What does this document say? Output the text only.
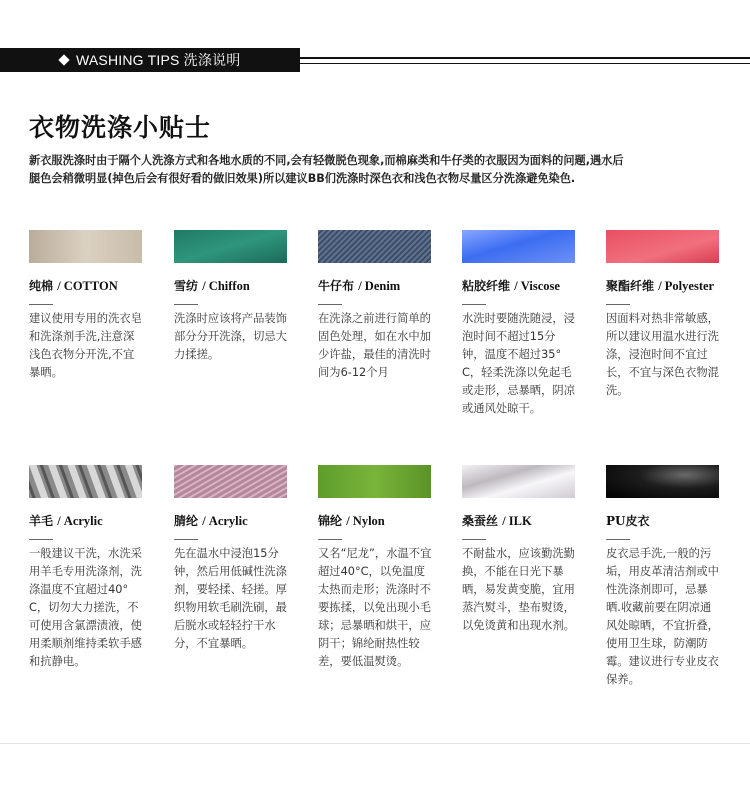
WASHING TIPS 洗涤说明
衣物洗涤小贴士
新衣服洗涤时由于隔个人洗涤方式和各地水质的不同,会有轻微脱色现象,而棉麻类和牛仔类的衣服因为面料的问题,遇水后
腿色会稍微明显(掉色后会有很好看的做旧效果)所以建议BB们洗涤时深色衣和浅色衣物尽量区分洗涤避免染色.
纯棉 / COTTON
建议使用专用的洗衣皂和洗涤剂手洗,注意深浅色衣物分开洗,不宜暴晒。
雪纺 / Chiffon
洗涤时应该将产品装饰部分分开洗涤，切忌大力揉搓。
牛仔布 / Denim
在洗涤之前进行简单的固色处理，如在水中加少许盐，最佳的清洗时间为6-12个月
粘胶纤维 / Viscose
水洗时要随洗随浸，浸泡时间不超过15分钟，温度不超过35°C，轻柔洗涤以免起毛或走形，忌暴晒，阴凉或通风处晾干。
聚酯纤维 / Polyester
因面料对热非常敏感，所以建议用温水进行洗涤，浸泡时间不宜过长，不宜与深色衣物混洗。
羊毛 / Acrylic
一般建议干洗，水洗采用羊毛专用洗涤剂，洗涤温度不宜超过40°C，切勿大力搓洗，不可使用含氯漂渍液，使用柔顺剂维持柔软手感和抗静电。
腈纶 / Acrylic
先在温水中浸泡15分钟，然后用低碱性洗涤剂，要轻揉、轻搓。厚织物用软毛刷洗刷，最后脱水或轻轻拧干水分，不宜暴晒。
锦纶 / Nylon
又名“尼龙”，水温不宜超过40°C，以免温度太热而走形；洗涤时不要拣揉，以免出现小毛球；忌暴晒和烘干，应阴干；锦纶耐热性较差，要低温熨烫。
桑蚕丝 / ILK
不耐盐水，应该勤洗勤换，不能在日光下暴晒，易发黄变脆，宜用蒸汽熨斗，垫布熨烫，以免烫黄和出现水剂。
PU皮衣
皮衣忌手洗,一般的污垢，用皮革清洁剂或中性洗涤剂即可，忌暴晒.收藏前要在阴凉通风处晾晒，不宜折叠，使用卫生球，防潮防霉。建议进行专业皮衣保养。
